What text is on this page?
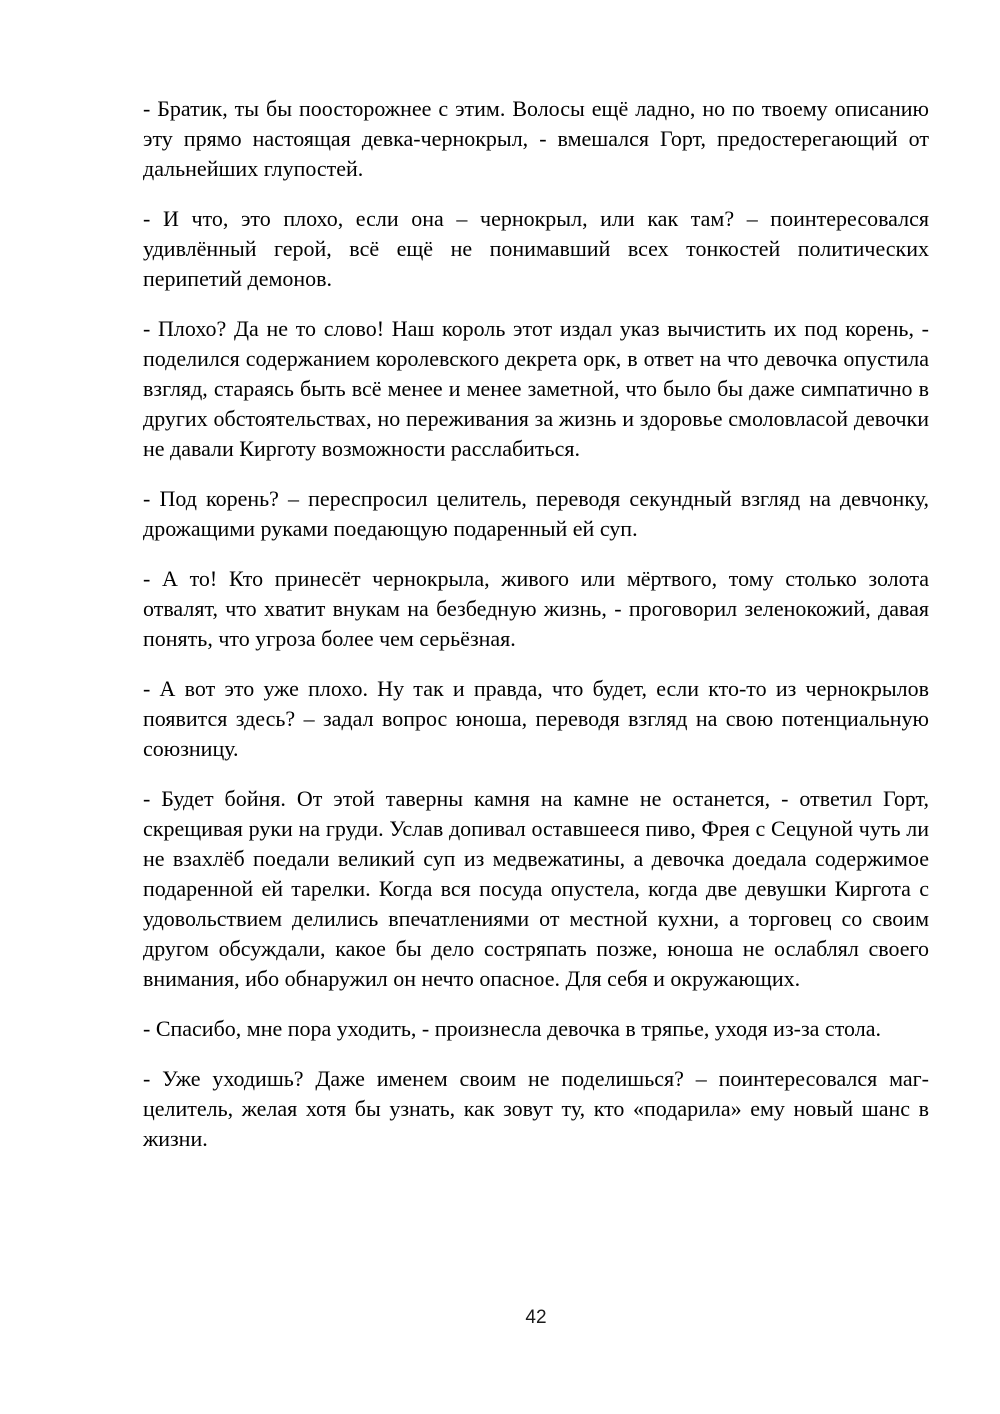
- Братик, ты бы поосторожнее с этим. Волосы ещё ладно, но по твоему описанию эту прямо настоящая девка-чернокрыл, - вмешался Горт, предостерегающий от дальнейших глупостей.

- И что, это плохо, если она – чернокрыл, или как там? – поинтересовался удивлённый герой, всё ещё не понимавший всех тонкостей политических перипетий демонов.

- Плохо? Да не то слово! Наш король этот издал указ вычистить их под корень, - поделился содержанием королевского декрета орк, в ответ на что девочка опустила взгляд, стараясь быть всё менее и менее заметной, что было бы даже симпатично в других обстоятельствах, но переживания за жизнь и здоровье смоловласой девочки не давали Кирготу возможности расслабиться.

- Под корень? – переспросил целитель, переводя секундный взгляд на девчонку, дрожащими руками поедающую подаренный ей суп.

- А то! Кто принесёт чернокрыла, живого или мёртвого, тому столько золота отвалят, что хватит внукам на безбедную жизнь, - проговорил зеленокожий, давая понять, что угроза более чем серьёзная.

- А вот это уже плохо. Ну так и правда, что будет, если кто-то из чернокрылов появится здесь? – задал вопрос юноша, переводя взгляд на свою потенциальную союзницу.

- Будет бойня. От этой таверны камня на камне не останется, - ответил Горт, скрещивая руки на груди. Услав допивал оставшееся пиво, Фрея с Сецуной чуть ли не взахлёб поедали великий суп из медвежатины, а девочка доедала содержимое подаренной ей тарелки. Когда вся посуда опустела, когда две девушки Киргота с удовольствием делились впечатлениями от местной кухни, а торговец со своим другом обсуждали, какое бы дело состряпать позже, юноша не ослаблял своего внимания, ибо обнаружил он нечто опасное. Для себя и окружающих.

- Спасибо, мне пора уходить, - произнесла девочка в тряпье, уходя из-за стола.

- Уже уходишь? Даже именем своим не поделишься? – поинтересовался маг-целитель, желая хотя бы узнать, как зовут ту, кто «подарила» ему новый шанс в жизни.

42
